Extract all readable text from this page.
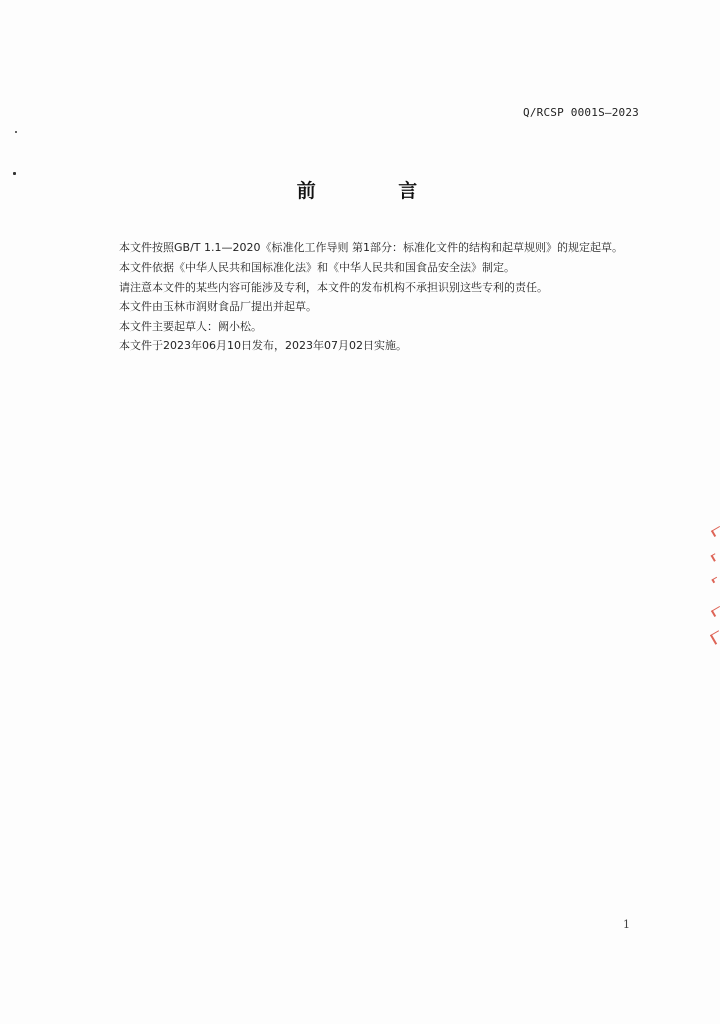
Q/RCSP 0001S—2023
前 言

本文件按照GB/T 1.1—2020《标准化工作导则 第1部分：标准化文件的结构和起草规则》的规定起草。

本文件依据《中华人民共和国标准化法》和《中华人民共和国食品安全法》制定。

请注意本文件的某些内容可能涉及专利，本文件的发布机构不承担识别这些专利的责任。

本文件由玉林市润财食品厂提出并起草。

本文件主要起草人：阙小松。

本文件于2023年06月10日发布，2023年07月02日实施。

1
